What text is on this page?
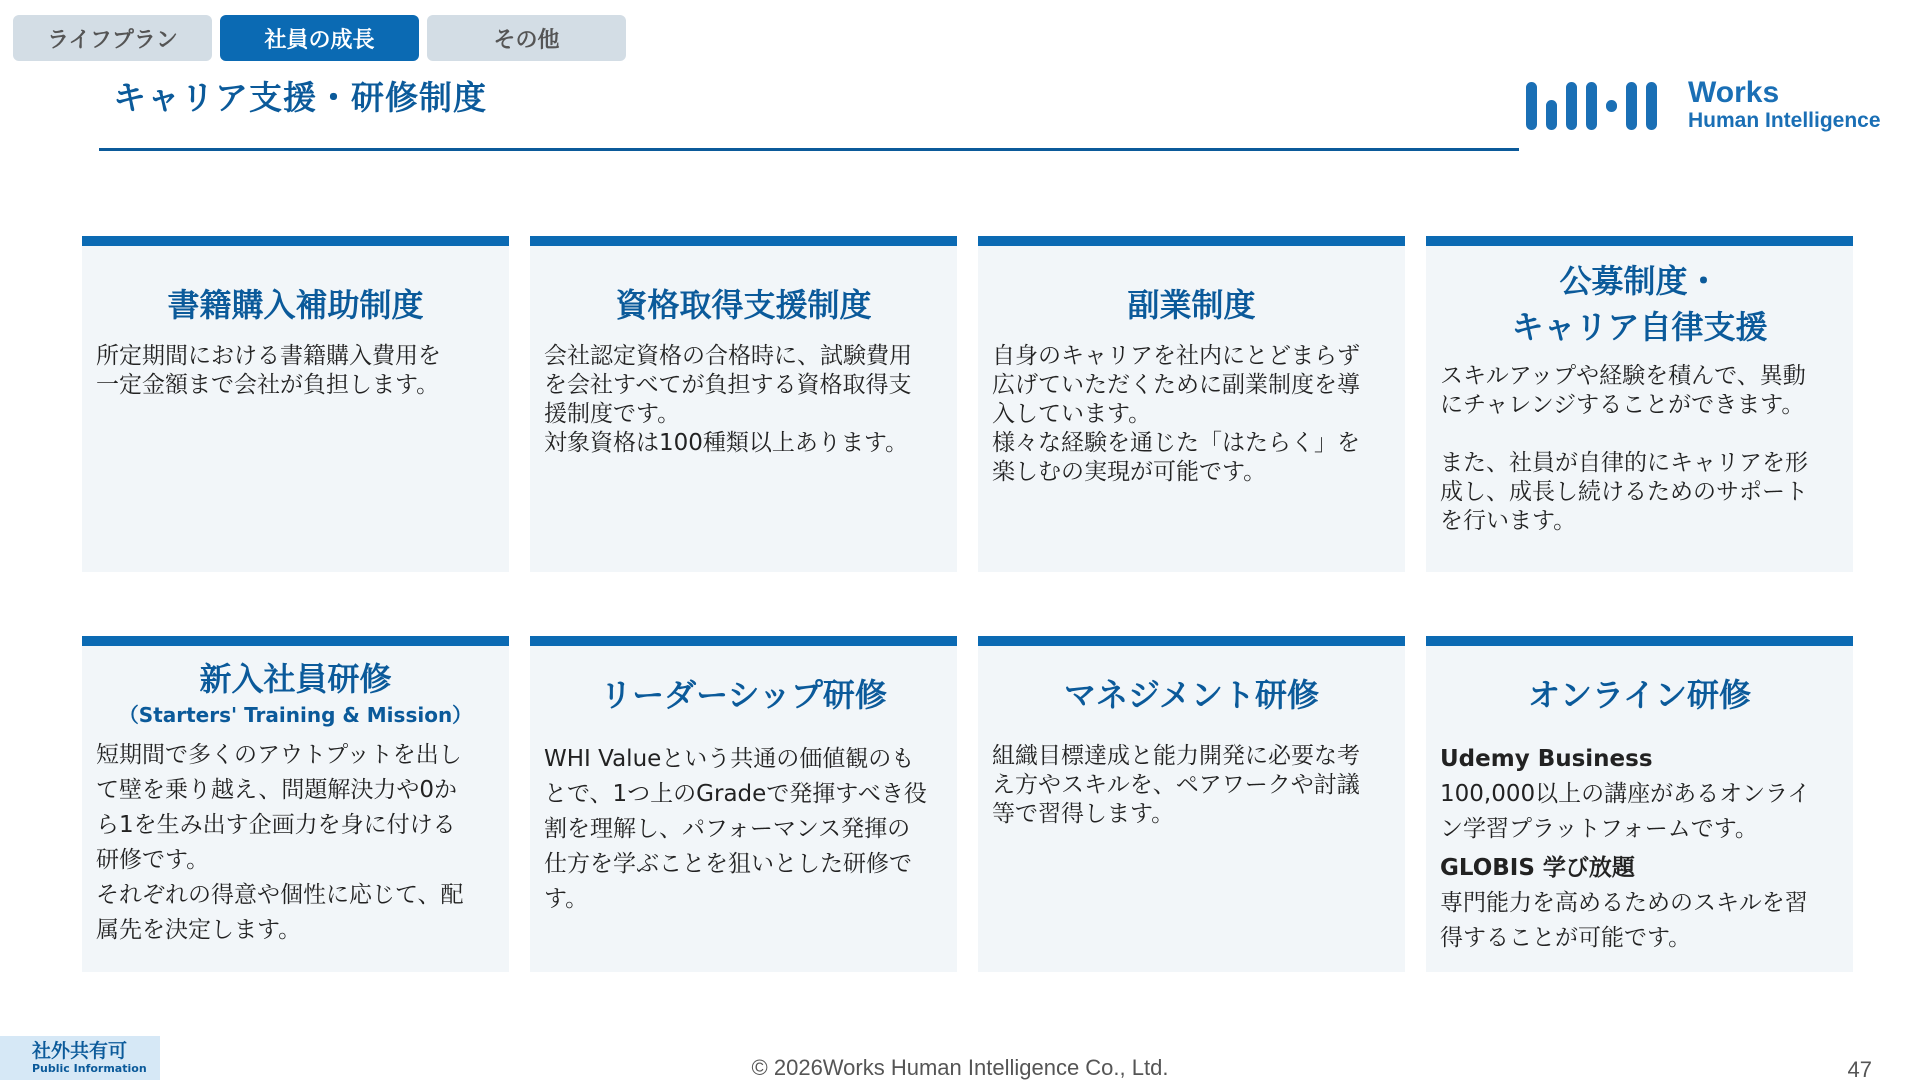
ライフプラン	社員の成長	その他
キャリア支援・研修制度	Works
Human Intelligence
書籍購入補助制度

所定期間における書籍購入費用を

一定金額まで会社が負担します。

資格取得支援制度

会社認定資格の合格時に、試験費用

を会社すべてが負担する資格取得支

援制度です。

対象資格は100種類以上あります。

副業制度

自身のキャリアを社内にとどまらず

広げていただくために副業制度を導

入しています。

様々な経験を通じた「はたらく」を

楽しむの実現が可能です。

公募制度・
キャリア自律支援

スキルアップや経験を積んで、異動

にチャレンジすることができます。

また、社員が自律的にキャリアを形

成し、成長し続けるためのサポート

を行います。

新入社員研修
（Starters' Training & Mission）

短期間で多くのアウトプットを出し

て壁を乗り越え、問題解決力や0か

ら1を生み出す企画力を身に付ける

研修です。

それぞれの得意や個性に応じて、配

属先を決定します。

リーダーシップ研修

WHI Valueという共通の価値観のも

とで、1つ上のGradeで発揮すべき役

割を理解し、パフォーマンス発揮の

仕方を学ぶことを狙いとした研修で

す。

マネジメント研修

組織目標達成と能力開発に必要な考

え方やスキルを、ペアワークや討議

等で習得します。

オンライン研修

Udemy Business

100,000以上の講座があるオンライ

ン学習プラットフォームです。

GLOBIS 学び放題

専門能力を高めるためのスキルを習

得することが可能です。

社外共有可
Public Information	© 2026Works Human Intelligence Co., Ltd.	47
